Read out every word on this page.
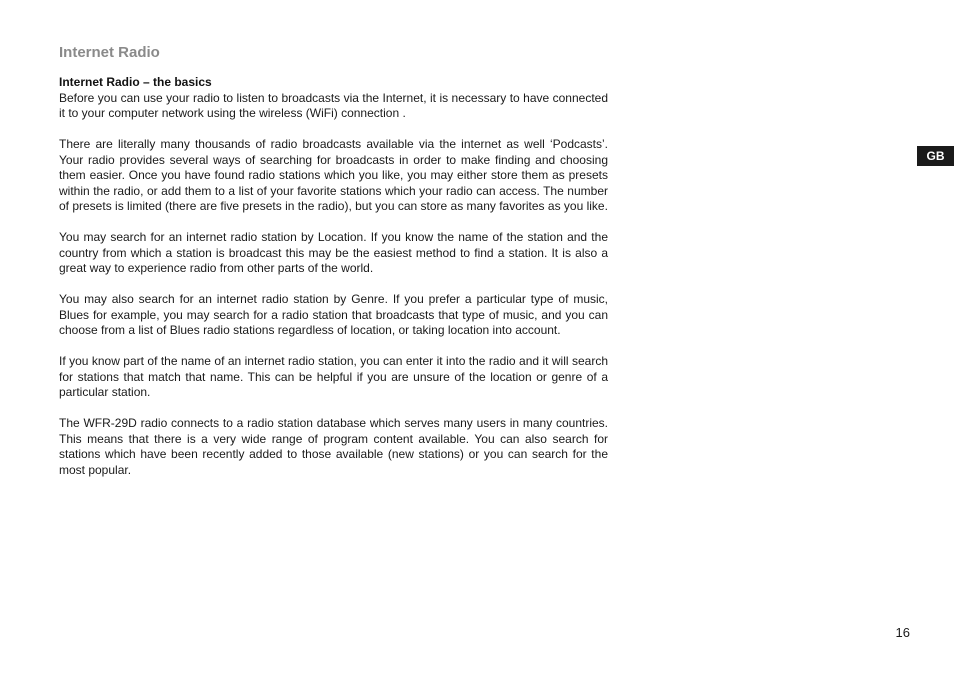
Internet Radio

Internet Radio – the basics

Before you can use your radio to listen to broadcasts via the Internet, it is necessary to have connected it to your computer network using the wireless (WiFi) connection .

There are literally many thousands of radio broadcasts available via the internet as well ‘Podcasts’. Your radio provides several ways of searching for broadcasts in order to make finding and choosing them easier. Once you have found radio stations which you like, you may either store them as presets within the radio, or add them to a list of your favorite stations which your radio can access. The number of presets is limited (there are five presets in the radio), but you can store as many favorites as you like.

You may search for an internet radio station by Location. If you know the name of the station and the country from which a station is broadcast this may be the easiest method to find a station. It is also a great way to experience radio from other parts of the world.

You may also search for an internet radio station by Genre. If you prefer a particular type of music, Blues for example, you may search for a radio station that broadcasts that type of music, and you can choose from a list of Blues radio stations regardless of location, or taking location into account.

If you know part of the name of an internet radio station, you can enter it into the radio and it will search for stations that match that name. This can be helpful if you are unsure of the location or genre of a particular station.

The WFR-29D radio connects to a radio station database which serves many users in many countries. This means that there is a very wide range of program content available. You can also search for stations which have been recently added to those available (new stations) or you can search for the most popular.

GB
16
